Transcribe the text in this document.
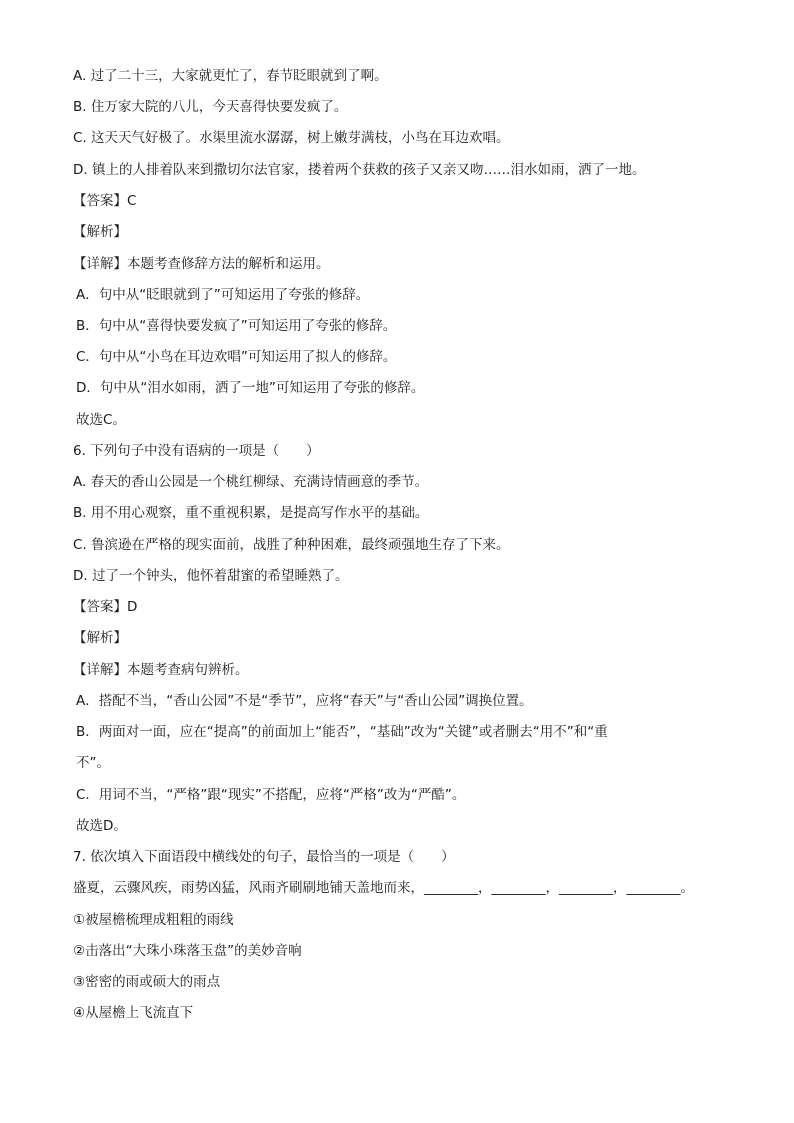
A. 过了二十三，大家就更忙了，春节眨眼就到了啊。
B. 住万家大院的八儿，今天喜得快要发疯了。
C. 这天天气好极了。水渠里流水潺潺，树上嫩芽满枝，小鸟在耳边欢唱。
D. 镇上的人排着队来到撒切尔法官家，搂着两个获救的孩子又亲又吻……泪水如雨，洒了一地。
【答案】C
【解析】
【详解】本题考查修辞方法的解析和运用。
A．句中从“眨眼就到了”可知运用了夸张的修辞。
B．句中从“喜得快要发疯了”可知运用了夸张的修辞。
C．句中从“小鸟在耳边欢唱”可知运用了拟人的修辞。
D．句中从“泪水如雨，洒了一地”可知运用了夸张的修辞。
故选C。
6. 下列句子中没有语病的一项是（　　）
A. 春天的香山公园是一个桃红柳绿、充满诗情画意的季节。
B. 用不用心观察，重不重视积累，是提高写作水平的基础。
C. 鲁滨逊在严格的现实面前，战胜了种种困难，最终顽强地生存了下来。
D. 过了一个钟头，他怀着甜蜜的希望睡熟了。
【答案】D
【解析】
【详解】本题考查病句辨析。
A．搭配不当，“香山公园”不是“季节”，应将“春天”与“香山公园”调换位置。
B．两面对一面，应在“提高”的前面加上“能否”，“基础”改为“关键”或者删去“用不”和“重
不”。
C．用词不当，“严格”跟“现实”不搭配，应将“严格”改为“严酷”。
故选D。
7. 依次填入下面语段中横线处的句子，最恰当的一项是（　　）
盛夏，云骤风疾，雨势凶猛，风雨齐刷刷地铺天盖地而来，________，________，________，________。
①被屋檐梳理成粗粗的雨线
②击落出“大珠小珠落玉盘”的美妙音响
③密密的雨或硕大的雨点
④从屋檐上飞流直下
